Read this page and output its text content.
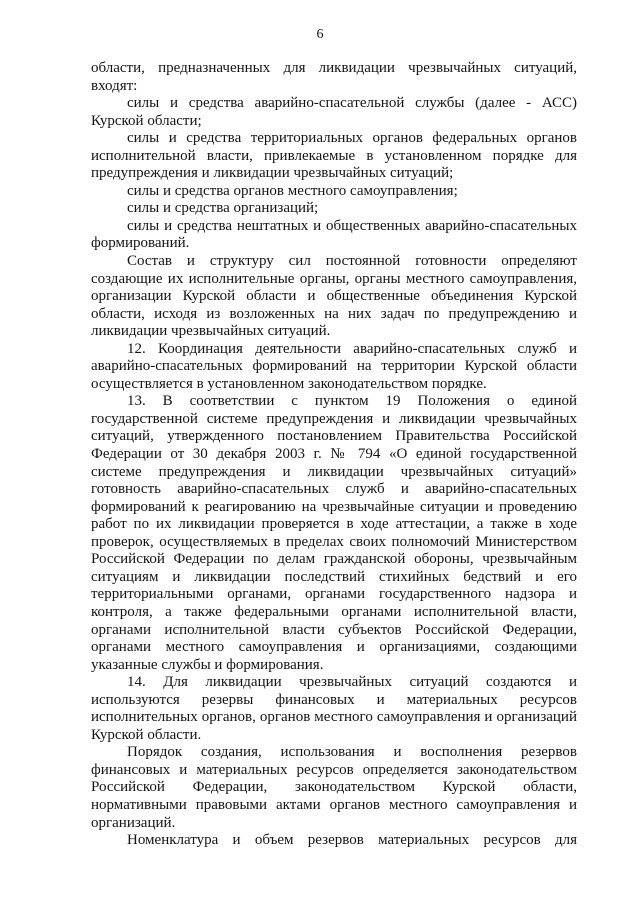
6

области, предназначенных для ликвидации чрезвычайных ситуаций, входят:

силы и средства аварийно-спасательной службы (далее - АСС) Курской области;

силы и средства территориальных органов федеральных органов исполнительной власти, привлекаемые в установленном порядке для предупреждения и ликвидации чрезвычайных ситуаций;

силы и средства органов местного самоуправления;

силы и средства организаций;

силы и средства нештатных и общественных аварийно-спасательных формирований.

Состав и структуру сил постоянной готовности определяют создающие их исполнительные органы, органы местного самоуправления, организации Курской области и общественные объединения Курской области, исходя из возложенных на них задач по предупреждению и ликвидации чрезвычайных ситуаций.

12. Координация деятельности аварийно-спасательных служб и аварийно-спасательных формирований на территории Курской области осуществляется в установленном законодательством порядке.

13. В соответствии с пунктом 19 Положения о единой государственной системе предупреждения и ликвидации чрезвычайных ситуаций, утвержденного постановлением Правительства Российской Федерации от 30 декабря 2003 г. № 794 «О единой государственной системе предупреждения и ликвидации чрезвычайных ситуаций» готовность аварийно-спасательных служб и аварийно-спасательных формирований к реагированию на чрезвычайные ситуации и проведению работ по их ликвидации проверяется в ходе аттестации, а также в ходе проверок, осуществляемых в пределах своих полномочий Министерством Российской Федерации по делам гражданской обороны, чрезвычайным ситуациям и ликвидации последствий стихийных бедствий и его территориальными органами, органами государственного надзора и контроля, а также федеральными органами исполнительной власти, органами исполнительной власти субъектов Российской Федерации, органами местного самоуправления и организациями, создающими указанные службы и формирования.

14. Для ликвидации чрезвычайных ситуаций создаются и используются резервы финансовых и материальных ресурсов исполнительных органов, органов местного самоуправления и организаций Курской области.

Порядок создания, использования и восполнения резервов финансовых и материальных ресурсов определяется законодательством Российской Федерации, законодательством Курской области, нормативными правовыми актами органов местного самоуправления и организаций.

Номенклатура и объем резервов материальных ресурсов для
